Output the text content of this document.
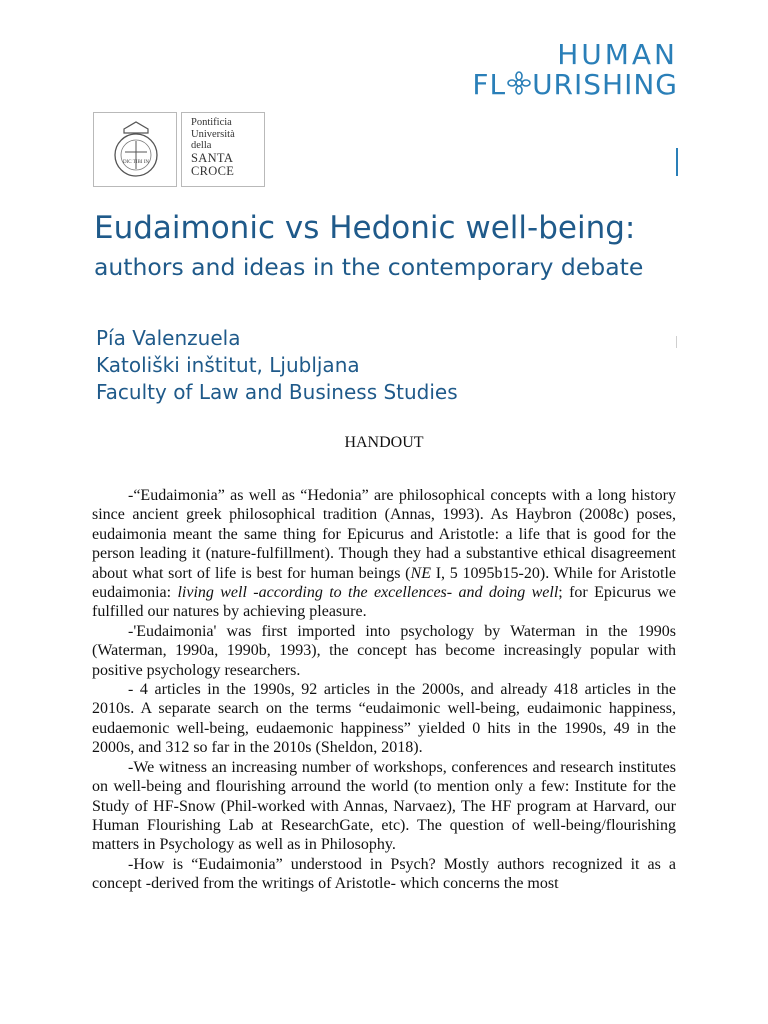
HUMAN
FL URISHING
DIC TIBI IN
Pontificia
Università
della
SANTA
CROCE
Eudaimonic vs Hedonic well-being:
authors and ideas in the contemporary debate
Pía Valenzuela
Katoliški inštitut, Ljubljana
Faculty of Law and Business Studies
HANDOUT

-“Eudaimonia” as well as “Hedonia” are philosophical concepts with a long history since ancient greek philosophical tradition (Annas, 1993). As Haybron (2008c) poses, eudaimonia meant the same thing for Epicurus and Aristotle: a life that is good for the person leading it (nature-fulfillment). Though they had a substantive ethical disagreement about what sort of life is best for human beings (NE I, 5 1095b15-20). While for Aristotle eudaimonia: living well -according to the excellences- and doing well; for Epicurus we fulfilled our natures by achieving pleasure.

-'Eudaimonia' was first imported into psychology by Waterman in the 1990s (Waterman, 1990a, 1990b, 1993), the concept has become increasingly popular with positive psychology researchers.

- 4 articles in the 1990s, 92 articles in the 2000s, and already 418 articles in the 2010s. A separate search on the terms “eudaimonic well-being, eudaimonic happiness, eudaemonic well-being, eudaemonic happiness” yielded 0 hits in the 1990s, 49 in the 2000s, and 312 so far in the 2010s (Sheldon, 2018).

-We witness an increasing number of workshops, conferences and research institutes on well-being and flourishing arround the world (to mention only a few: Institute for the Study of HF-Snow (Phil-worked with Annas, Narvaez), The HF program at Harvard, our Human Flourishing Lab at ResearchGate, etc). The question of well-being/flourishing matters in Psychology as well as in Philosophy.

-How is “Eudaimonia” understood in Psych? Mostly authors recognized it as a concept -derived from the writings of Aristotle- which concerns the most
